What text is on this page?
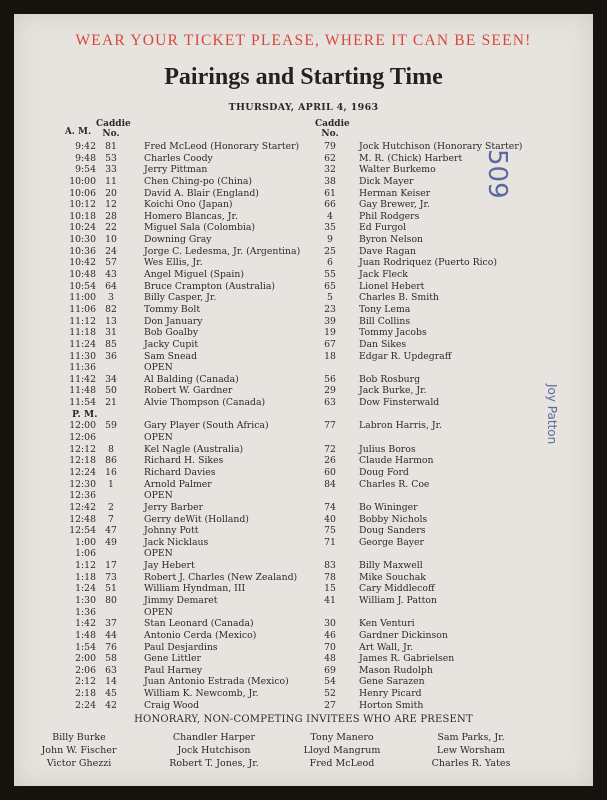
WEAR YOUR TICKET PLEASE, WHERE IT CAN BE SEEN!
Pairings and Starting Time
THURSDAY, APRIL 4, 1963
A. M.
Caddie No.
Caddie No.
9:42 81	Fred McLeod (Honorary Starter)	79	Jock Hutchison (Honorary Starter)
9:48 53	Charles Coody	62	M. R. (Chick) Harbert
9:54 33	Jerry Pittman	32	Walter Burkemo
10:00 11	Chen Ching-po (China)	38	Dick Mayer
10:06 20	David A. Blair (England)	61	Herman Keiser
10:12 12	Koichi Ono (Japan)	66	Gay Brewer, Jr.
10:18 28	Homero Blancas, Jr.	4	Phil Rodgers
10:24 22	Miguel Sala (Colombia)	35	Ed Furgol
10:30 10	Downing Gray	9	Byron Nelson
10:36 24	Jorge C. Ledesma, Jr. (Argentina)	25	Dave Ragan
10:42 57	Wes Ellis, Jr.	6	Juan Rodriquez (Puerto Rico)
10:48 43	Angel Miguel (Spain)	55	Jack Fleck
10:54 64	Bruce Crampton (Australia)	65	Lionel Hebert
11:00	3	Billy Casper, Jr.	5	Charles B. Smith
11:06 82	Tommy Bolt	23	Tony Lema
11:12 13	Don January	39	Bill Collins
11:18 31	Bob Goalby	19	Tommy Jacobs
11:24 85	Jacky Cupit	67	Dan Sikes
11:30 36	Sam Snead	18	Edgar R. Updegraff
11:36	OPEN
11:42 34	Al Balding (Canada)	56	Bob Rosburg
11:48 50	Robert W. Gardner	29	Jack Burke, Jr.
11:54 21	Alvie Thompson (Canada)	63	Dow Finsterwald
P. M.
12:00 59	Gary Player (South Africa)	77	Labron Harris, Jr.
12:06	OPEN
12:12	8	Kel Nagle (Australia)	72	Julius Boros
12:18 86	Richard H. Sikes	26	Claude Harmon
12:24 16	Richard Davies	60	Doug Ford
12:30	1	Arnold Palmer	84	Charles R. Coe
12:36	OPEN
12:42	2	Jerry Barber	74	Bo Wininger
12:48	7	Gerry deWit (Holland)	40	Bobby Nichols
12:54 47	Johnny Pott	75	Doug Sanders
1:00 49	Jack Nicklaus	71	George Bayer
1:06	OPEN
1:12 17	Jay Hebert	83	Billy Maxwell
1:18 73	Robert J. Charles (New Zealand)	78	Mike Souchak
1:24 51	William Hyndman, III	15	Cary Middlecoff
1:30 80	Jimmy Demaret	41	William J. Patton
1:36	OPEN
1:42 37	Stan Leonard (Canada)	30	Ken Venturi
1:48 44	Antonio Cerda (Mexico)	46	Gardner Dickinson
1:54 76	Paul Desjardins	70	Art Wall, Jr.
2:00 58	Gene Littler	48	James R. Gabrielsen
2:06 63	Paul Harney	69	Mason Rudolph
2:12 14	Juan Antonio Estrada (Mexico)	54	Gene Sarazen
2:18 45	William K. Newcomb, Jr.	52	Henry Picard
2:24 42	Craig Wood	27	Horton Smith
HONORARY, NON-COMPETING INVITEES WHO ARE PRESENT
Billy Burke	Chandler Harper	Tony Manero	Sam Parks, Jr.
John W. Fischer	Jock Hutchison	Lloyd Mangrum	Lew Worsham
Victor Ghezzi	Robert T. Jones, Jr.	Fred McLeod	Charles R. Yates
509
Joy Patton
